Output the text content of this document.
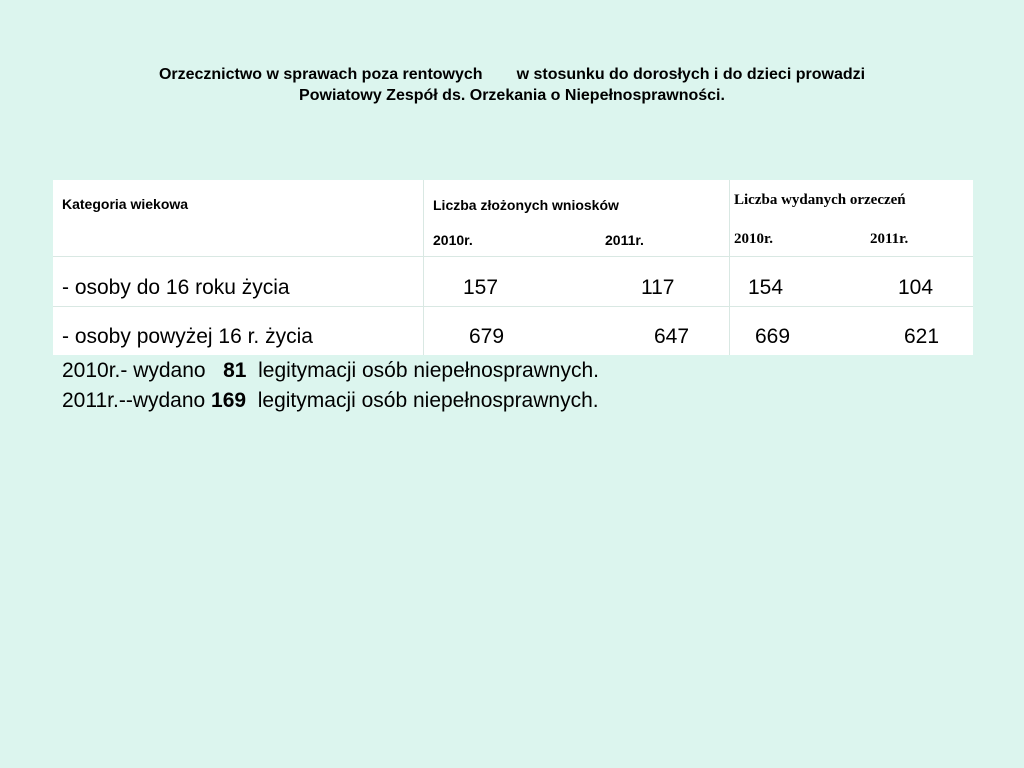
Orzecznictwo w sprawach poza rentowych w stosunku do dorosłych i do dzieci prowadzi
Powiatowy Zespół ds. Orzekania o Niepełnosprawności.
Kategoria wiekowa	Liczba złożonych wniosków
2010r.	2011r.
Liczba wydanych orzeczeń
2010r.	2011r.
- osoby do 16 roku życia	157	117	154	104
- osoby powyżej 16 r. życia	679	647	669	621
2010r.- wydano   81  legitymacji osób niepełnosprawnych.
2011r.--wydano 169  legitymacji osób niepełnosprawnych.
